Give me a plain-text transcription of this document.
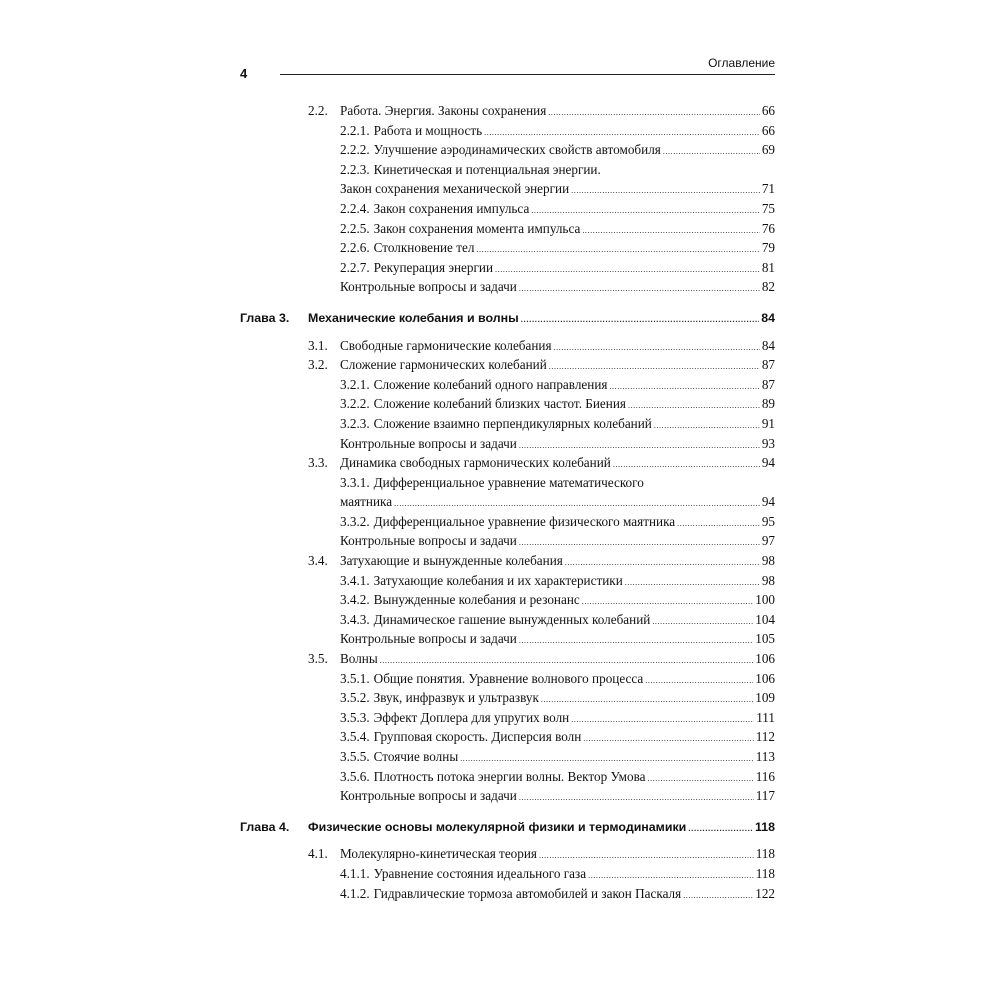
4
Оглавление
2.2. Работа. Энергия. Законы сохранения .....	66
2.2.1. Работа и мощность .....	66
2.2.2. Улучшение аэродинамических свойств автомобиля .....	69
2.2.3. Кинетическая и потенциальная энергии.
Закон сохранения механической энергии .....	71
2.2.4. Закон сохранения импульса .....	75
2.2.5. Закон сохранения момента импульса .....	76
2.2.6. Столкновение тел .....	79
2.2.7. Рекуперация энергии .....	81
Контрольные вопросы и задачи .....	82
Глава 3.	Механические колебания и волны .....	84
3.1. Свободные гармонические колебания .....	84
3.2. Сложение гармонических колебаний .....	87
3.2.1. Сложение колебаний одного направления .....	87
3.2.2. Сложение колебаний близких частот. Биения .....	89
3.2.3. Сложение взаимно перпендикулярных колебаний .....	91
Контрольные вопросы и задачи .....	93
3.3. Динамика свободных гармонических колебаний .....	94
3.3.1. Дифференциальное уравнение математического
маятника .....	94
3.3.2. Дифференциальное уравнение физического маятника .....	95
Контрольные вопросы и задачи .....	97
3.4. Затухающие и вынужденные колебания .....	98
3.4.1. Затухающие колебания и их характеристики .....	98
3.4.2. Вынужденные колебания и резонанс .....	100
3.4.3. Динамическое гашение вынужденных колебаний .....	104
Контрольные вопросы и задачи .....	105
3.5. Волны .....	106
3.5.1. Общие понятия. Уравнение волнового процесса .....	106
3.5.2. Звук, инфразвук и ультразвук .....	109
3.5.3. Эффект Доплера для упругих волн .....	111
3.5.4. Групповая скорость. Дисперсия волн .....	112
3.5.5. Стоячие волны .....	113
3.5.6. Плотность потока энергии волны. Вектор Умова .....	116
Контрольные вопросы и задачи .....	117
Глава 4.	Физические основы молекулярной физики и термодинамики .....	118
4.1. Молекулярно-кинетическая теория .....	118
4.1.1. Уравнение состояния идеального газа .....	118
4.1.2. Гидравлические тормоза автомобилей и закон Паскаля .....	122
